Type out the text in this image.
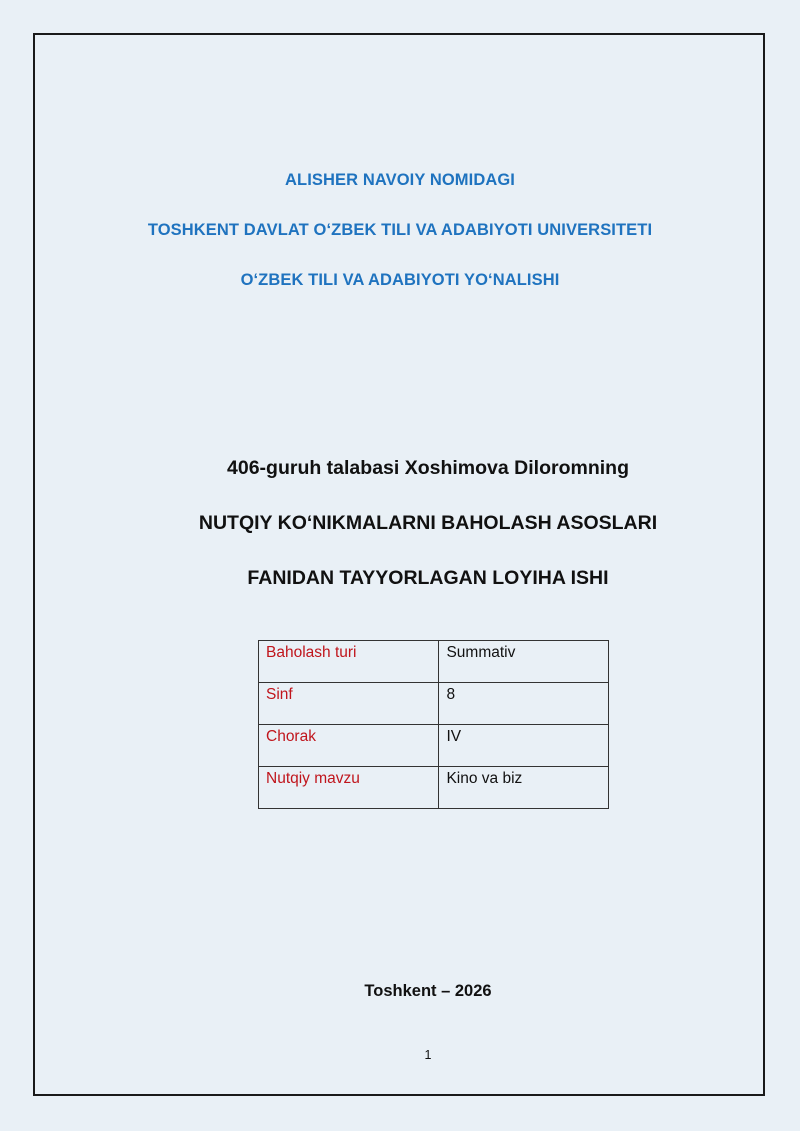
ALISHER NAVOIY NOMIDAGI
TOSHKENT DAVLAT O‘ZBEK TILI VA ADABIYOTI UNIVERSITETI
O‘ZBEK TILI VA ADABIYOTI YO‘NALISHI
406-guruh talabasi Xoshimova Diloromning
NUTQIY KO‘NIKMALARNI BAHOLASH ASOSLARI
FANIDAN TAYYORLAGAN LOYIHA ISHI
Baholash turi	Summativ
Sinf	8
Chorak	IV
Nutqiy mavzu	Kino va biz
Toshkent – 2026
1
